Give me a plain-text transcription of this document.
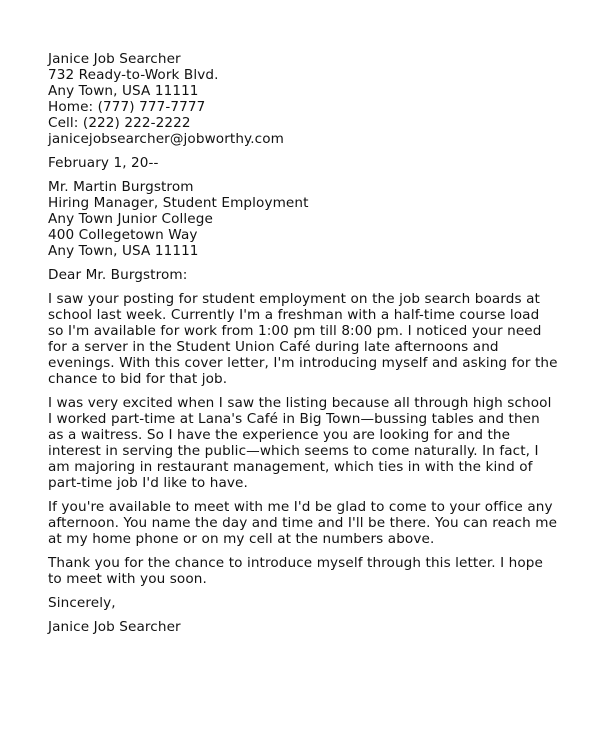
Janice Job Searcher
732 Ready-to-Work Blvd.
Any Town, USA 11111
Home: (777) 777-7777
Cell: (222) 222-2222
janicejobsearcher@jobworthy.com
February 1, 20--
Mr. Martin Burgstrom
Hiring Manager, Student Employment
Any Town Junior College
400 Collegetown Way
Any Town, USA 11111
Dear Mr. Burgstrom:
I saw your posting for student employment on the job search boards at
school last week. Currently I'm a freshman with a half-time course load
so I'm available for work from 1:00 pm till 8:00 pm. I noticed your need
for a server in the Student Union Café during late afternoons and
evenings. With this cover letter, I'm introducing myself and asking for the
chance to bid for that job.
I was very excited when I saw the listing because all through high school
I worked part-time at Lana's Café in Big Town—bussing tables and then
as a waitress. So I have the experience you are looking for and the
interest in serving the public—which seems to come naturally. In fact, I
am majoring in restaurant management, which ties in with the kind of
part-time job I'd like to have.
If you're available to meet with me I'd be glad to come to your office any
afternoon. You name the day and time and I'll be there. You can reach me
at my home phone or on my cell at the numbers above.
Thank you for the chance to introduce myself through this letter. I hope
to meet with you soon.
Sincerely,
Janice Job Searcher
